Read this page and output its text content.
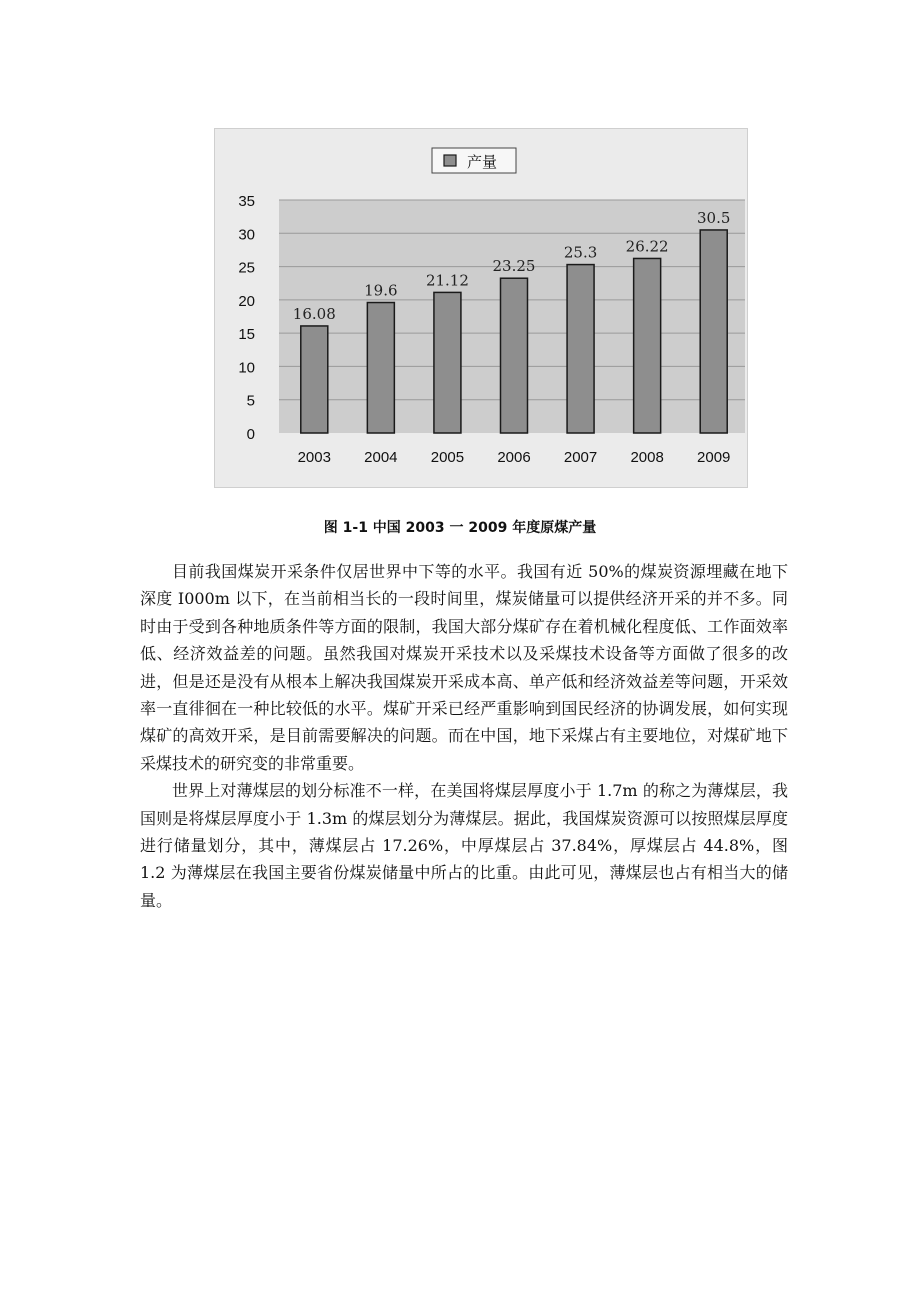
0
5
10
15
20
25
30
35
16.08
2003
19.6
2004
21.12
2005
23.25
2006
25.3
2007
26.22
2008
30.5
2009
产量
图 1-1 中国 2003 一 2009 年度原煤产量

目前我国煤炭开采条件仅居世界中下等的水平。我国有近 50%的煤炭资源埋藏在地下深度 I000m 以下，在当前相当长的一段时间里，煤炭储量可以提供经济开采的并不多。同时由于受到各种地质条件等方面的限制，我国大部分煤矿存在着机械化程度低、工作面效率低、经济效益差的问题。虽然我国对煤炭开采技术以及采煤技术设备等方面做了很多的改进，但是还是没有从根本上解决我国煤炭开采成本高、单产低和经济效益差等问题，开采效率一直徘徊在一种比较低的水平。煤矿开采已经严重影响到国民经济的协调发展，如何实现煤矿的高效开采，是目前需要解决的问题。而在中国，地下采煤占有主要地位，对煤矿地下采煤技术的研究变的非常重要。

世界上对薄煤层的划分标准不一样，在美国将煤层厚度小于 1.7m 的称之为薄煤层，我国则是将煤层厚度小于 1.3m 的煤层划分为薄煤层。据此，我国煤炭资源可以按照煤层厚度进行储量划分，其中，薄煤层占 17.26%，中厚煤层占 37.84%，厚煤层占 44.8%，图 1.2 为薄煤层在我国主要省份煤炭储量中所占的比重。由此可见，薄煤层也占有相当大的储量。
